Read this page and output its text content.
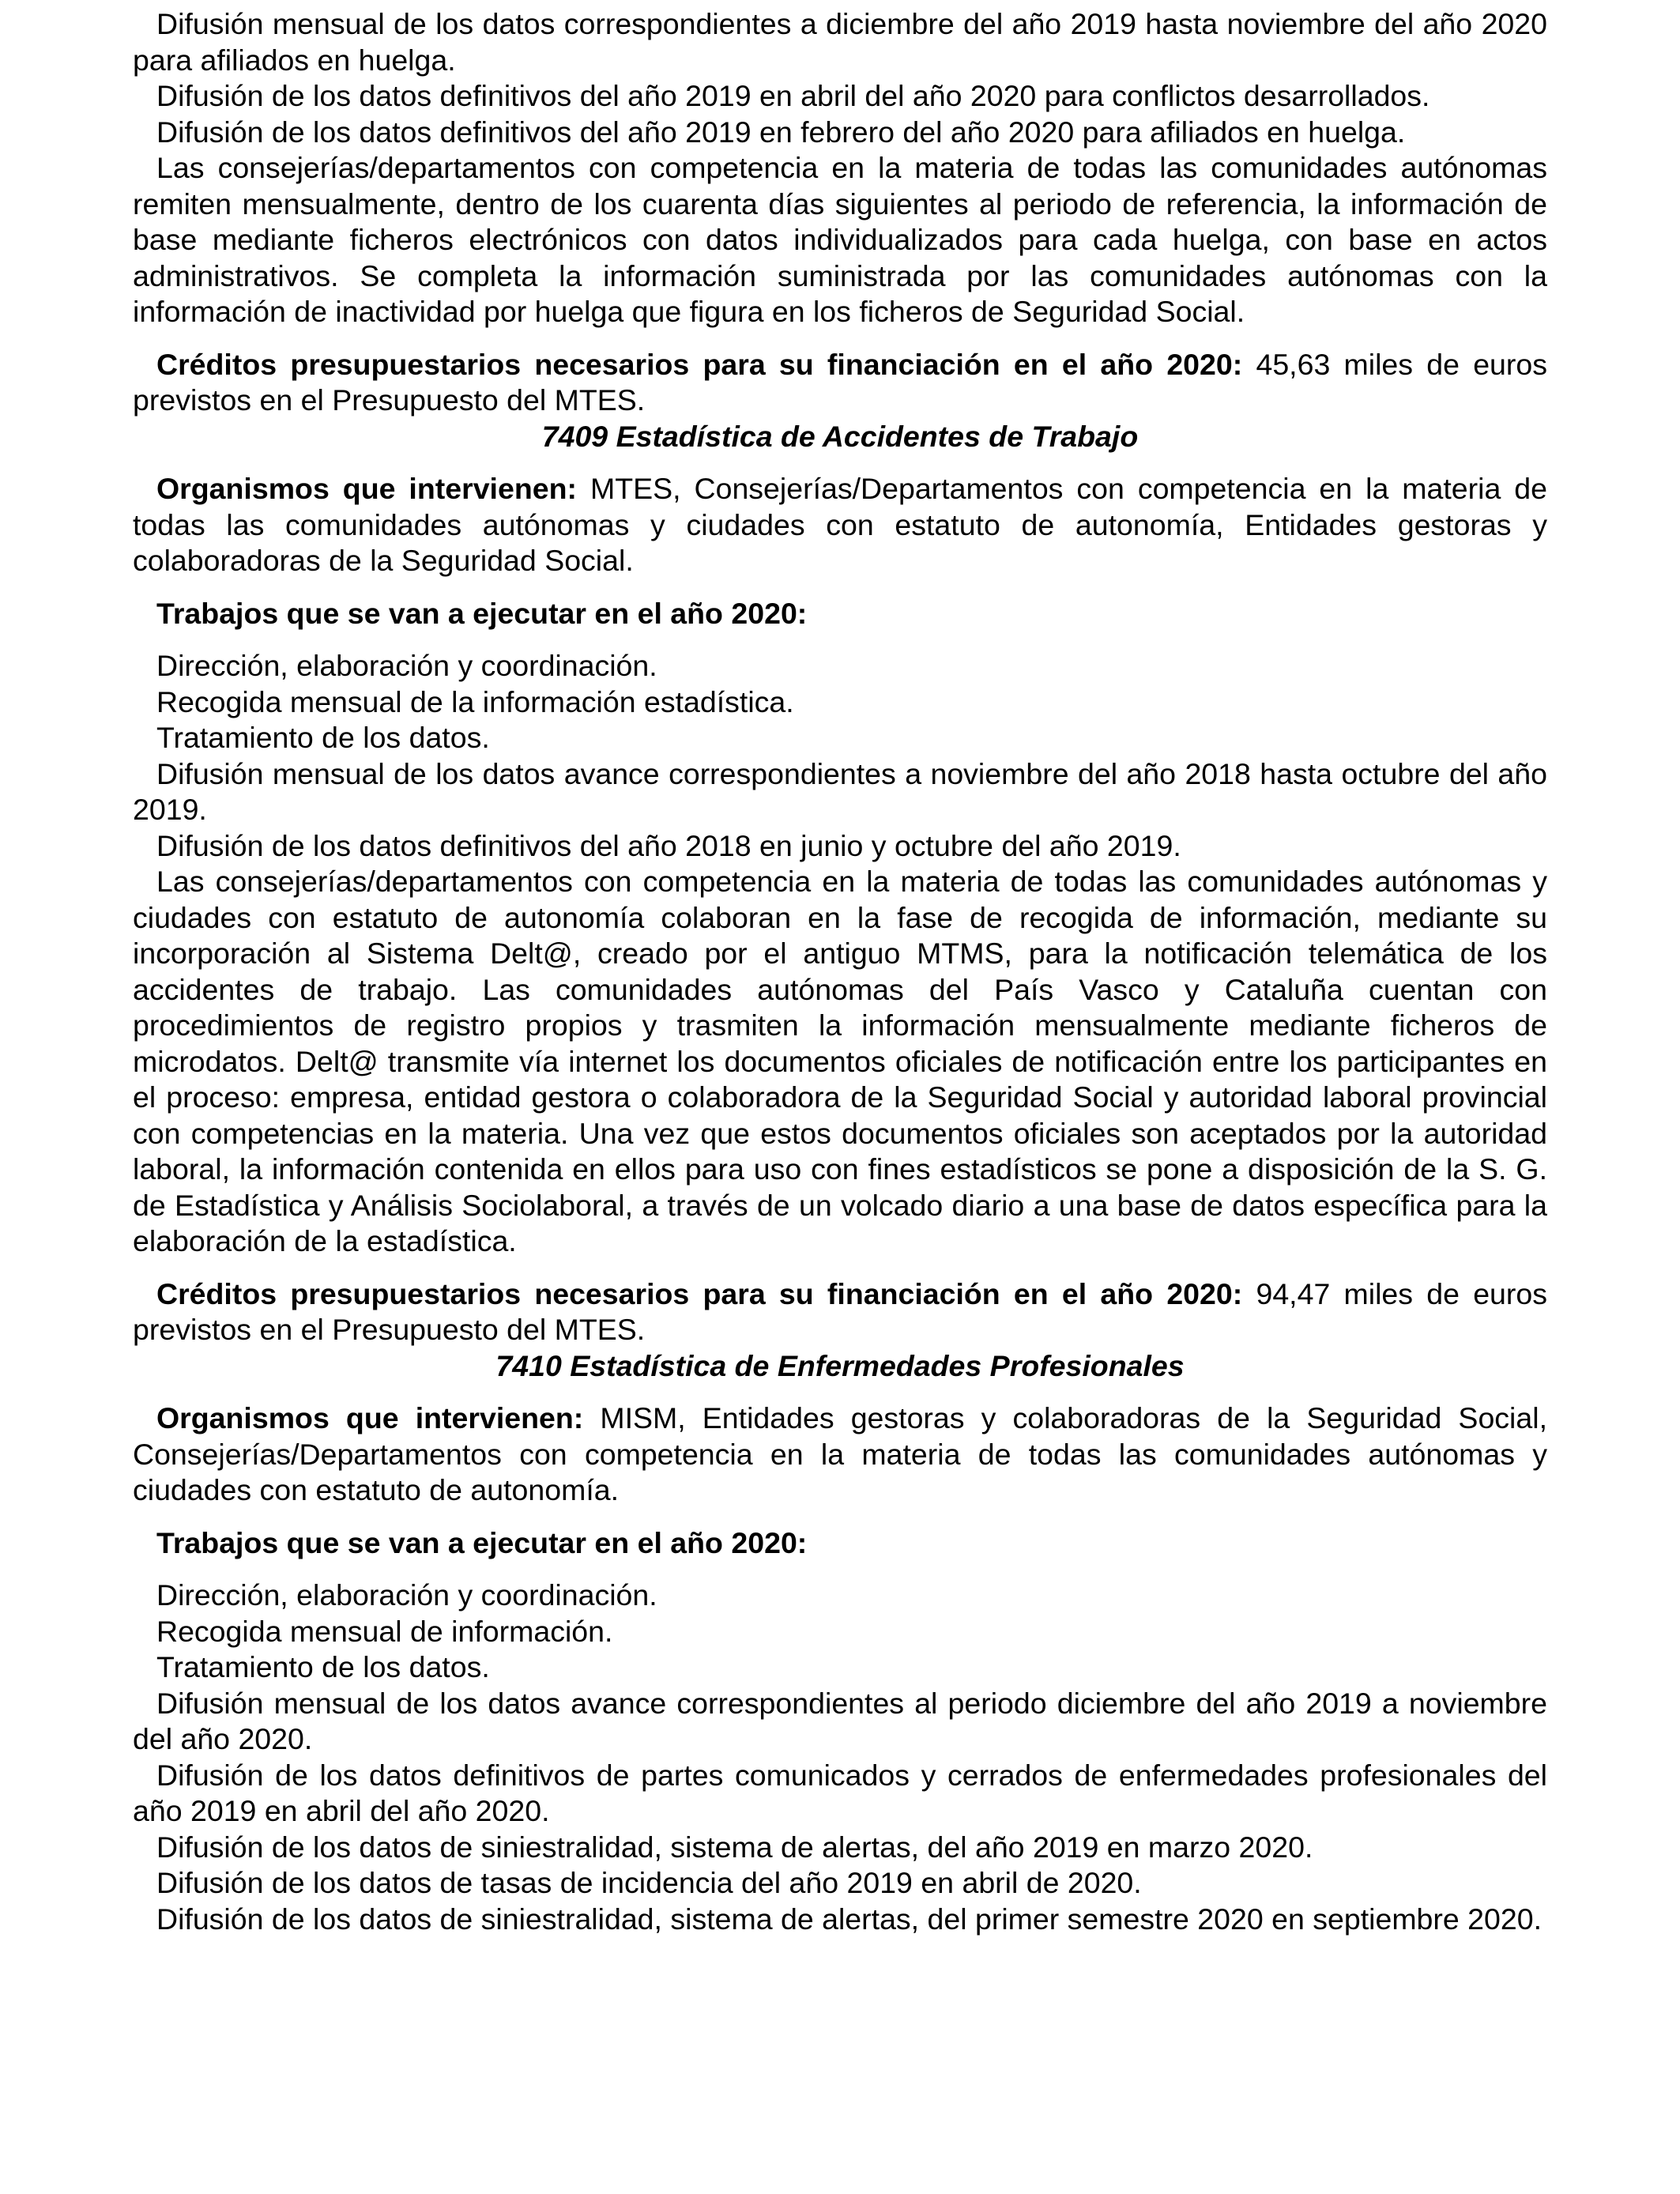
Difusión mensual de los datos correspondientes a diciembre del año 2019 hasta noviembre del año 2020 para afiliados en huelga.

Difusión de los datos definitivos del año 2019 en abril del año 2020 para conflictos desarrollados.

Difusión de los datos definitivos del año 2019 en febrero del año 2020 para afiliados en huelga.

Las consejerías/departamentos con competencia en la materia de todas las comunidades autónomas remiten mensualmente, dentro de los cuarenta días siguientes al periodo de referencia, la información de base mediante ficheros electrónicos con datos individualizados para cada huelga, con base en actos administrativos. Se completa la información suministrada por las comunidades autónomas con la información de inactividad por huelga que figura en los ficheros de Seguridad Social.

Créditos presupuestarios necesarios para su financiación en el año 2020: 45,63 miles de euros previstos en el Presupuesto del MTES.

7409 Estadística de Accidentes de Trabajo

Organismos que intervienen: MTES, Consejerías/Departamentos con competencia en la materia de todas las comunidades autónomas y ciudades con estatuto de autonomía, Entidades gestoras y colaboradoras de la Seguridad Social.

Trabajos que se van a ejecutar en el año 2020:

Dirección, elaboración y coordinación.

Recogida mensual de la información estadística.

Tratamiento de los datos.

Difusión mensual de los datos avance correspondientes a noviembre del año 2018 hasta octubre del año 2019.

Difusión de los datos definitivos del año 2018 en junio y octubre del año 2019.

Las consejerías/departamentos con competencia en la materia de todas las comunidades autónomas y ciudades con estatuto de autonomía colaboran en la fase de recogida de información, mediante su incorporación al Sistema Delt@, creado por el antiguo MTMS, para la notificación telemática de los accidentes de trabajo. Las comunidades autónomas del País Vasco y Cataluña cuentan con procedimientos de registro propios y trasmiten la información mensualmente mediante ficheros de microdatos. Delt@ transmite vía internet los documentos oficiales de notificación entre los participantes en el proceso: empresa, entidad gestora o colaboradora de la Seguridad Social y autoridad laboral provincial con competencias en la materia. Una vez que estos documentos oficiales son aceptados por la autoridad laboral, la información contenida en ellos para uso con fines estadísticos se pone a disposición de la S. G. de Estadística y Análisis Sociolaboral, a través de un volcado diario a una base de datos específica para la elaboración de la estadística.

Créditos presupuestarios necesarios para su financiación en el año 2020: 94,47 miles de euros previstos en el Presupuesto del MTES.

7410 Estadística de Enfermedades Profesionales

Organismos que intervienen: MISM, Entidades gestoras y colaboradoras de la Seguridad Social, Consejerías/Departamentos con competencia en la materia de todas las comunidades autónomas y ciudades con estatuto de autonomía.

Trabajos que se van a ejecutar en el año 2020:

Dirección, elaboración y coordinación.

Recogida mensual de información.

Tratamiento de los datos.

Difusión mensual de los datos avance correspondientes al periodo diciembre del año 2019 a noviembre del año 2020.

Difusión de los datos definitivos de partes comunicados y cerrados de enfermedades profesionales del año 2019 en abril del año 2020.

Difusión de los datos de siniestralidad, sistema de alertas, del año 2019 en marzo 2020.

Difusión de los datos de tasas de incidencia del año 2019 en abril de 2020.

Difusión de los datos de siniestralidad, sistema de alertas, del primer semestre 2020 en septiembre 2020.
